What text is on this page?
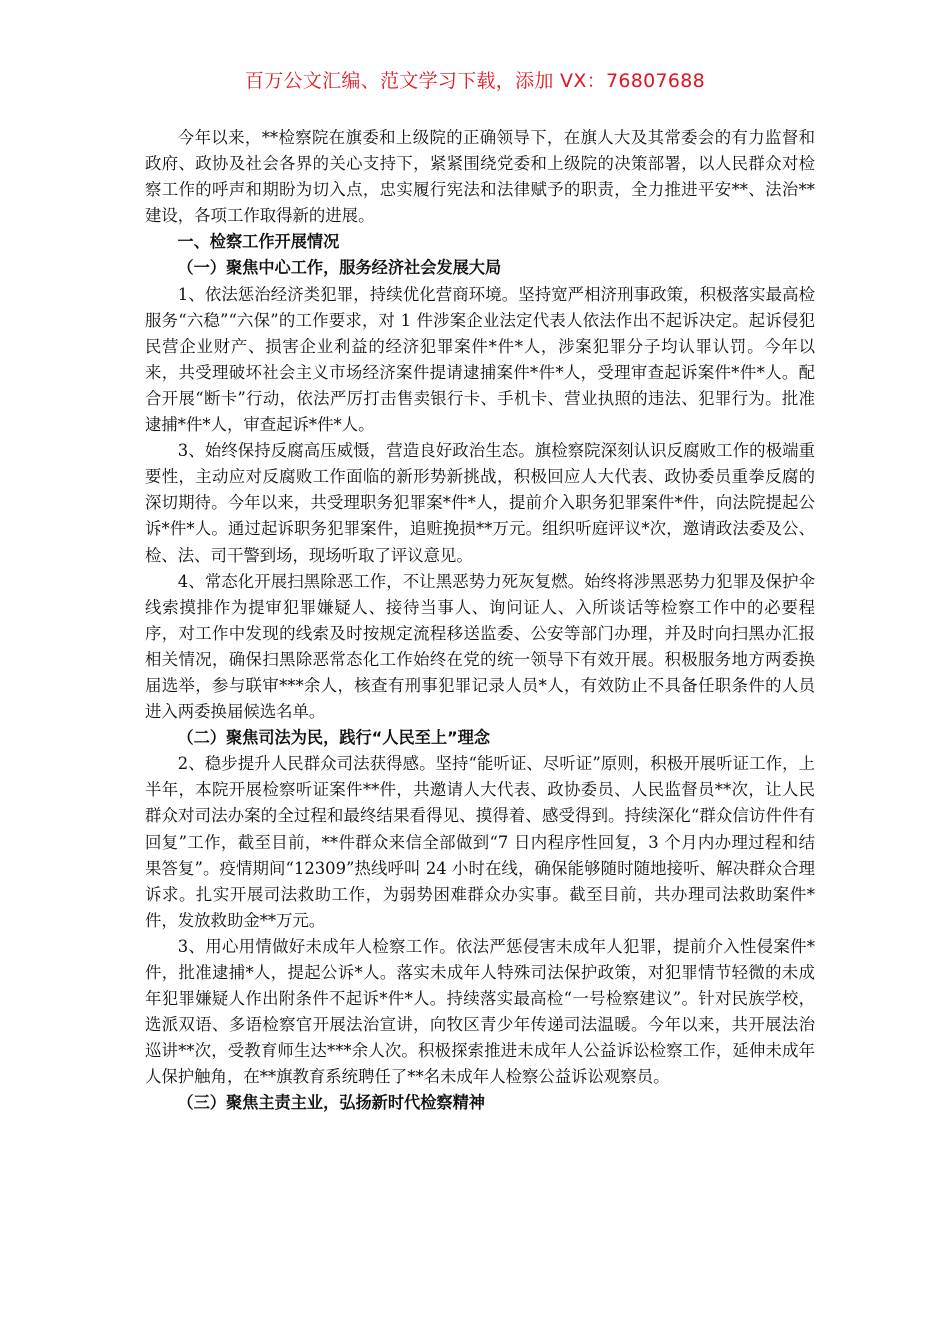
百万公文汇编、范文学习下载，添加 VX：76807688

今年以来，**检察院在旗委和上级院的正确领导下，在旗人大及其常委会的有力监督和政府、政协及社会各界的关心支持下，紧紧围绕党委和上级院的决策部署，以人民群众对检察工作的呼声和期盼为切入点，忠实履行宪法和法律赋予的职责，全力推进平安**、法治**建设，各项工作取得新的进展。

一、检察工作开展情况

（一）聚焦中心工作，服务经济社会发展大局

1、依法惩治经济类犯罪，持续优化营商环境。坚持宽严相济刑事政策，积极落实最高检服务“六稳”“六保”的工作要求，对 1 件涉案企业法定代表人依法作出不起诉决定。起诉侵犯民营企业财产、损害企业利益的经济犯罪案件*件*人，涉案犯罪分子均认罪认罚。今年以来，共受理破坏社会主义市场经济案件提请逮捕案件*件*人，受理审查起诉案件*件*人。配合开展“断卡”行动，依法严厉打击售卖银行卡、手机卡、营业执照的违法、犯罪行为。批准逮捕*件*人，审查起诉*件*人。

3、始终保持反腐高压威慑，营造良好政治生态。旗检察院深刻认识反腐败工作的极端重要性，主动应对反腐败工作面临的新形势新挑战，积极回应人大代表、政协委员重拳反腐的深切期待。今年以来，共受理职务犯罪案*件*人，提前介入职务犯罪案件*件，向法院提起公诉*件*人。通过起诉职务犯罪案件，追赃挽损**万元。组织听庭评议*次，邀请政法委及公、检、法、司干警到场，现场听取了评议意见。

4、常态化开展扫黑除恶工作，不让黑恶势力死灰复燃。始终将涉黑恶势力犯罪及保护伞线索摸排作为提审犯罪嫌疑人、接待当事人、询问证人、入所谈话等检察工作中的必要程序，对工作中发现的线索及时按规定流程移送监委、公安等部门办理，并及时向扫黑办汇报相关情况，确保扫黑除恶常态化工作始终在党的统一领导下有效开展。积极服务地方两委换届选举，参与联审***余人，核查有刑事犯罪记录人员*人，有效防止不具备任职条件的人员进入两委换届候选名单。

（二）聚焦司法为民，践行“人民至上”理念

2、稳步提升人民群众司法获得感。坚持“能听证、尽听证”原则，积极开展听证工作，上半年，本院开展检察听证案件**件，共邀请人大代表、政协委员、人民监督员**次，让人民群众对司法办案的全过程和最终结果看得见、摸得着、感受得到。持续深化“群众信访件件有回复”工作，截至目前，**件群众来信全部做到“7 日内程序性回复，3 个月内办理过程和结果答复”。疫情期间“12309”热线呼叫 24 小时在线，确保能够随时随地接听、解决群众合理诉求。扎实开展司法救助工作，为弱势困难群众办实事。截至目前，共办理司法救助案件*件，发放救助金**万元。

3、用心用情做好未成年人检察工作。依法严惩侵害未成年人犯罪，提前介入性侵案件*件，批准逮捕*人，提起公诉*人。落实未成年人特殊司法保护政策，对犯罪情节轻微的未成年犯罪嫌疑人作出附条件不起诉*件*人。持续落实最高检“一号检察建议”。针对民族学校，选派双语、多语检察官开展法治宣讲，向牧区青少年传递司法温暖。今年以来，共开展法治巡讲**次，受教育师生达***余人次。积极探索推进未成年人公益诉讼检察工作，延伸未成年人保护触角，在**旗教育系统聘任了**名未成年人检察公益诉讼观察员。

（三）聚焦主责主业，弘扬新时代检察精神
